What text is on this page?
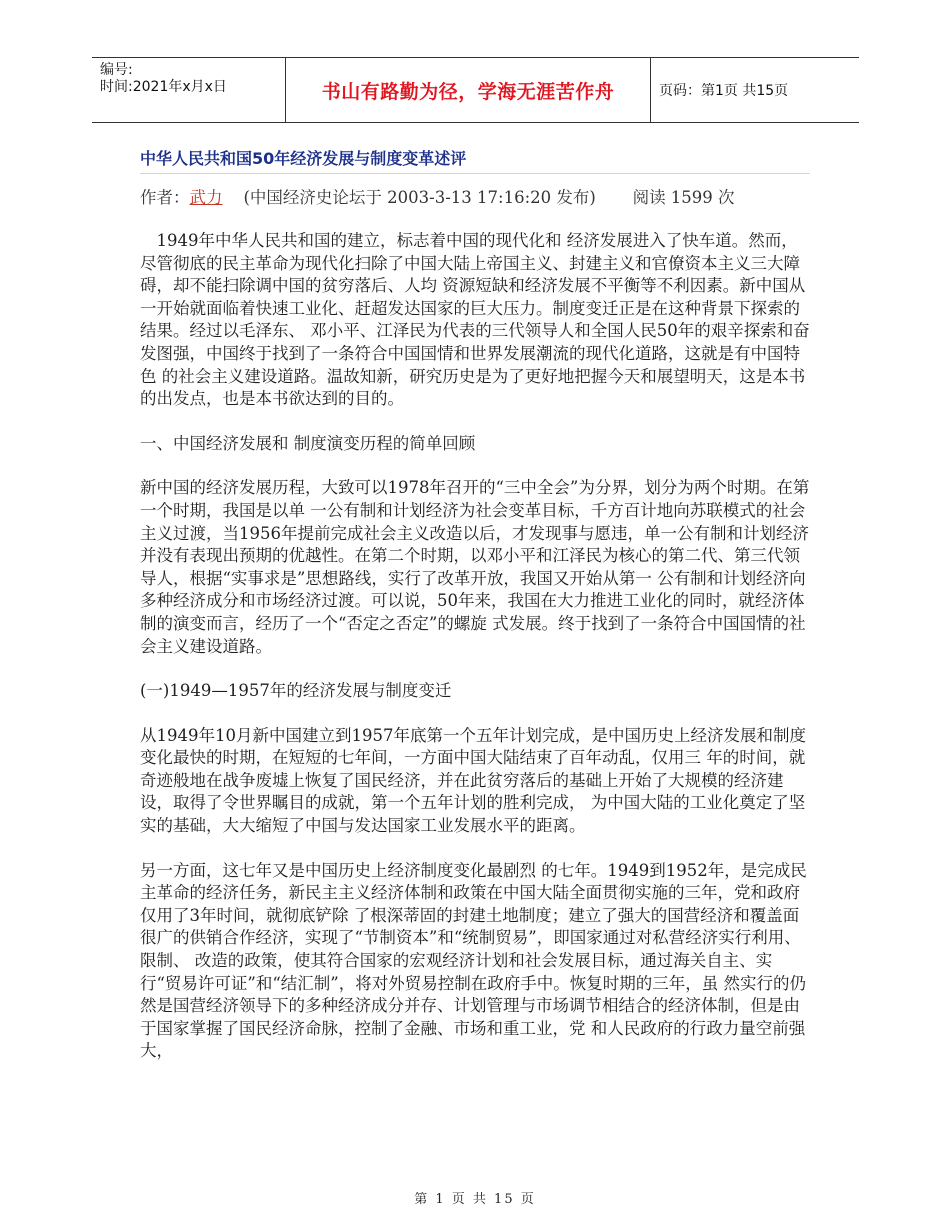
编号:
时间:2021年x月x日	书山有路勤为径，学海无涯苦作舟	页码：第1页 共15页
中华人民共和国50年经济发展与制度变革述评
作者：武力 (中国经济史论坛于 2003-3-13 17:16:20 发布) 阅读 1599 次

1949年中华人民共和国的建立，标志着中国的现代化和 经济发展进入了快车道。然而，尽管彻底的民主革命为现代化扫除了中国大陆上帝国主义、封建主义和官僚资本主义三大障碍，却不能扫除调中国的贫穷落后、人均 资源短缺和经济发展不平衡等不利因素。新中国从一开始就面临着快速工业化、赶超发达国家的巨大压力。制度变迁正是在这种背景下探索的结果。经过以毛泽东、 邓小平、江泽民为代表的三代领导人和全国人民50年的艰辛探索和奋发图强，中国终于找到了一条符合中国国情和世界发展潮流的现代化道路，这就是有中国特色 的社会主义建设道路。温故知新，研究历史是为了更好地把握今天和展望明天，这是本书的出发点，也是本书欲达到的目的。

一、中国经济发展和 制度演变历程的简单回顾

新中国的经济发展历程，大致可以1978年召开的“三中全会”为分界，划分为两个时期。在第一个时期，我国是以单 一公有制和计划经济为社会变革目标，千方百计地向苏联模式的社会主义过渡，当1956年提前完成社会主义改造以后，才发现事与愿违，单一公有制和计划经济 并没有表现出预期的优越性。在第二个时期，以邓小平和江泽民为核心的第二代、第三代领导人，根据“实事求是”思想路线，实行了改革开放，我国又开始从第一 公有制和计划经济向多种经济成分和市场经济过渡。可以说，50年来，我国在大力推进工业化的同时，就经济体制的演变而言，经历了一个“否定之否定”的螺旋 式发展。终于找到了一条符合中国国情的社会主义建设道路。

(一)1949—1957年的经济发展与制度变迁

从1949年10月新中国建立到1957年底第一个五年计划完成，是中国历史上经济发展和制度变化最快的时期，在短短的七年间，一方面中国大陆结束了百年动乱，仅用三 年的时间，就奇迹般地在战争废墟上恢复了国民经济，并在此贫穷落后的基础上开始了大规模的经济建设，取得了令世界瞩目的成就，第一个五年计划的胜利完成， 为中国大陆的工业化奠定了坚实的基础，大大缩短了中国与发达国家工业发展水平的距离。

另一方面，这七年又是中国历史上经济制度变化最剧烈 的七年。1949到1952年，是完成民主革命的经济任务，新民主主义经济体制和政策在中国大陆全面贯彻实施的三年，党和政府仅用了3年时间，就彻底铲除 了根深蒂固的封建土地制度；建立了强大的国营经济和覆盖面很广的供销合作经济，实现了“节制资本”和“统制贸易”，即国家通过对私营经济实行利用、限制、 改造的政策，使其符合国家的宏观经济计划和社会发展目标，通过海关自主、实行“贸易许可证”和“结汇制”，将对外贸易控制在政府手中。恢复时期的三年，虽 然实行的仍然是国营经济领导下的多种经济成分并存、计划管理与市场调节相结合的经济体制，但是由于国家掌握了国民经济命脉，控制了金融、市场和重工业，党 和人民政府的行政力量空前强大，

第 1 页 共 15 页
